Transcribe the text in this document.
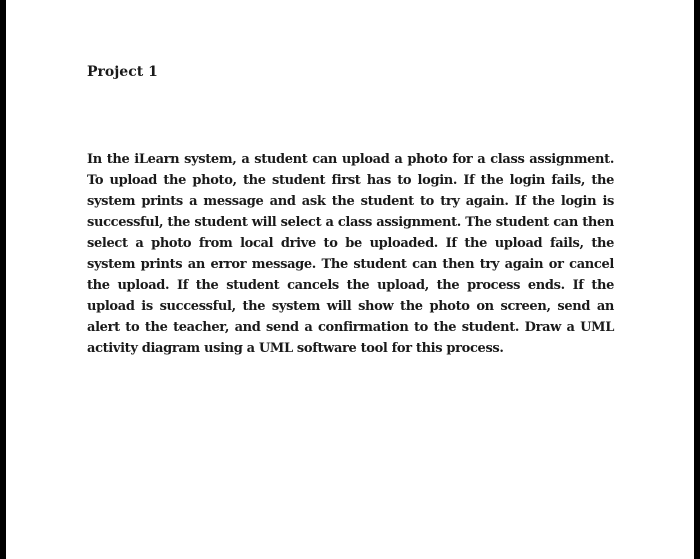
Project 1

In the iLearn system, a student can upload a photo for a class assignment. To upload the photo, the student first has to login. If the login fails, the system prints a message and ask the student to try again. If the login is successful, the student will select a class assignment. The student can then select a photo from local drive to be uploaded. If the upload fails, the system prints an error message. The student can then try again or cancel the upload. If the student cancels the upload, the process ends. If the upload is successful, the system will show the photo on screen, send an alert to the teacher, and send a confirmation to the student. Draw a UML activity diagram using a UML software tool for this process.
